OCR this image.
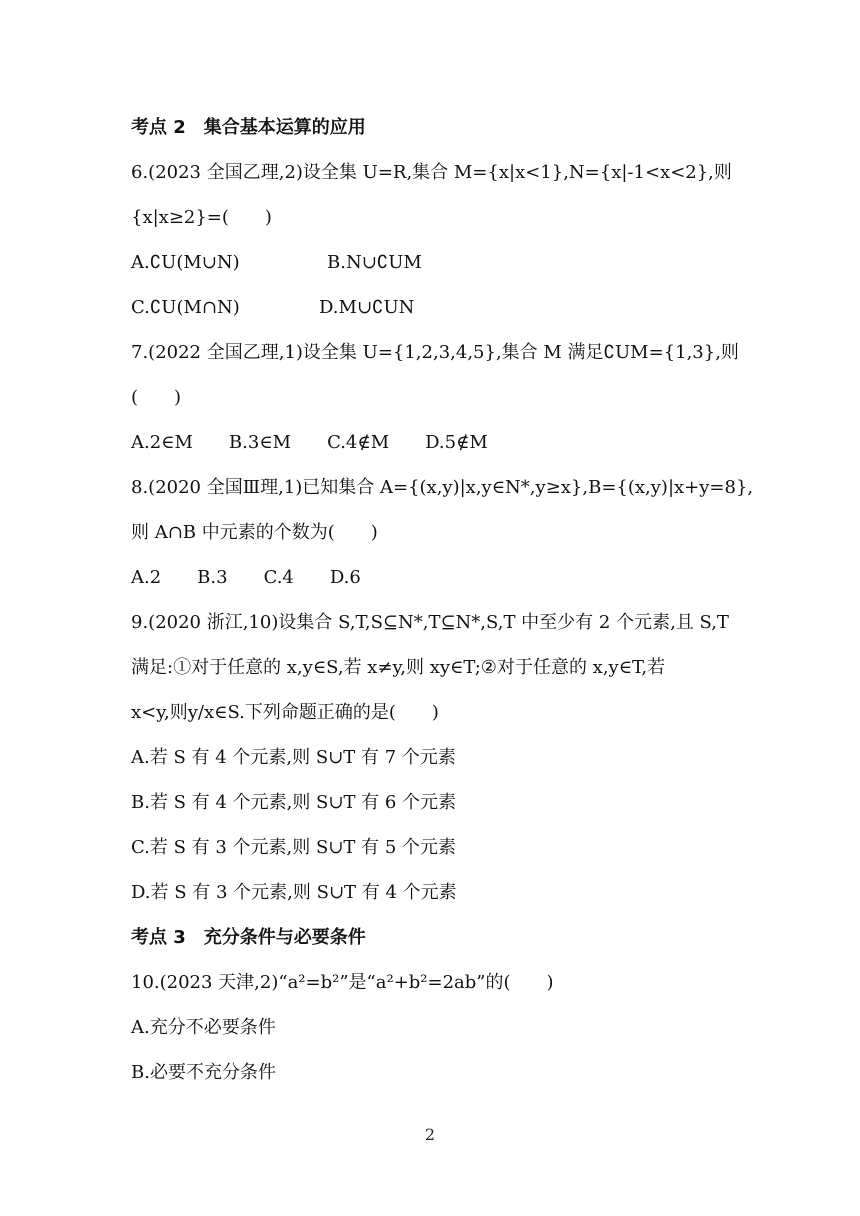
考点 2　集合基本运算的应用
6.(2023 全国乙理,2)设全集 U=R,集合 M={x|x<1},N={x|-1<x<2},则
{x|x≥2}=(　　)
A.∁U(M∪N)	B.N∪∁UM
C.∁U(M∩N)	D.M∪∁UN
7.(2022 全国乙理,1)设全集 U={1,2,3,4,5},集合 M 满足∁UM={1,3},则
(　　)
A.2∈M　　B.3∈M　　C.4∉M　　D.5∉M
8.(2020 全国Ⅲ理,1)已知集合 A={(x,y)|x,y∈N*,y≥x},B={(x,y)|x+y=8},
则 A∩B 中元素的个数为(　　)
A.2　　B.3　　C.4　　D.6
9.(2020 浙江,10)设集合 S,T,S⊆N*,T⊆N*,S,T 中至少有 2 个元素,且 S,T
满足:①对于任意的 x,y∈S,若 x≠y,则 xy∈T;②对于任意的 x,y∈T,若
x<y,则y/x∈S.下列命题正确的是(　　)
A.若 S 有 4 个元素,则 S∪T 有 7 个元素
B.若 S 有 4 个元素,则 S∪T 有 6 个元素
C.若 S 有 3 个元素,则 S∪T 有 5 个元素
D.若 S 有 3 个元素,则 S∪T 有 4 个元素
考点 3　充分条件与必要条件
10.(2023 天津,2)“a²=b²”是“a²+b²=2ab”的(　　)
A.充分不必要条件
B.必要不充分条件
2
